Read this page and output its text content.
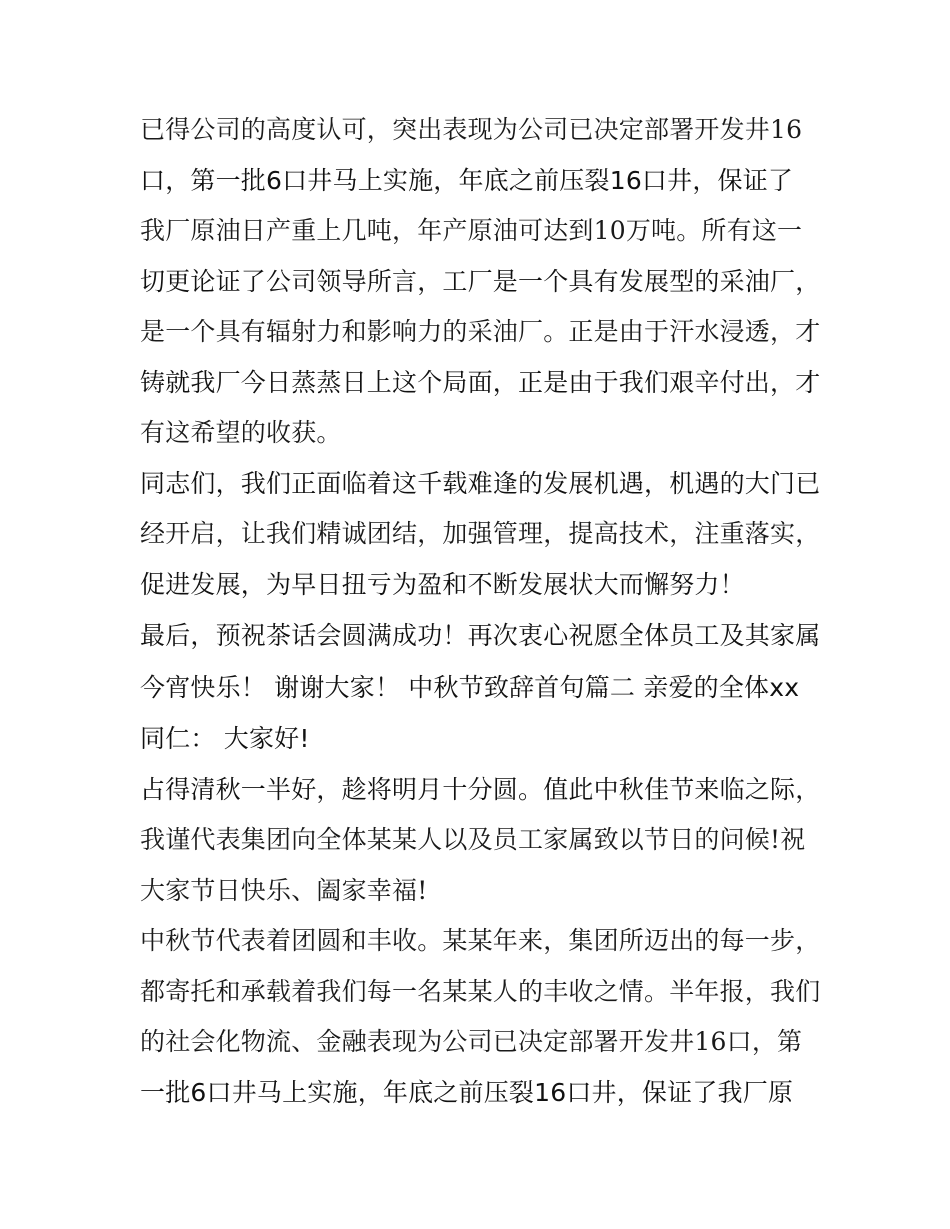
已得公司的高度认可，突出表现为公司已决定部署开发井16
口，第一批6口井马上实施，年底之前压裂16口井，保证了
我厂原油日产重上几吨，年产原油可达到10万吨。所有这一
切更论证了公司领导所言，工厂是一个具有发展型的采油厂，
是一个具有辐射力和影响力的采油厂。正是由于汗水浸透，才
铸就我厂今日蒸蒸日上这个局面，正是由于我们艰辛付出，才
有这希望的收获。
同志们，我们正面临着这千载难逢的发展机遇，机遇的大门已
经开启，让我们精诚团结，加强管理，提高技术，注重落实，
促进发展，为早日扭亏为盈和不断发展状大而懈努力！
最后，预祝茶话会圆满成功！再次衷心祝愿全体员工及其家属
今宵快乐！ 谢谢大家！ 中秋节致辞首句篇二 亲爱的全体xx
同仁： 大家好!
占得清秋一半好，趁将明月十分圆。值此中秋佳节来临之际，
我谨代表集团向全体某某人以及员工家属致以节日的问候!祝
大家节日快乐、阖家幸福!
中秋节代表着团圆和丰收。某某年来，集团所迈出的每一步，
都寄托和承载着我们每一名某某人的丰收之情。半年报，我们
的社会化物流、金融表现为公司已决定部署开发井16口，第
一批6口井马上实施，年底之前压裂16口井，保证了我厂原
